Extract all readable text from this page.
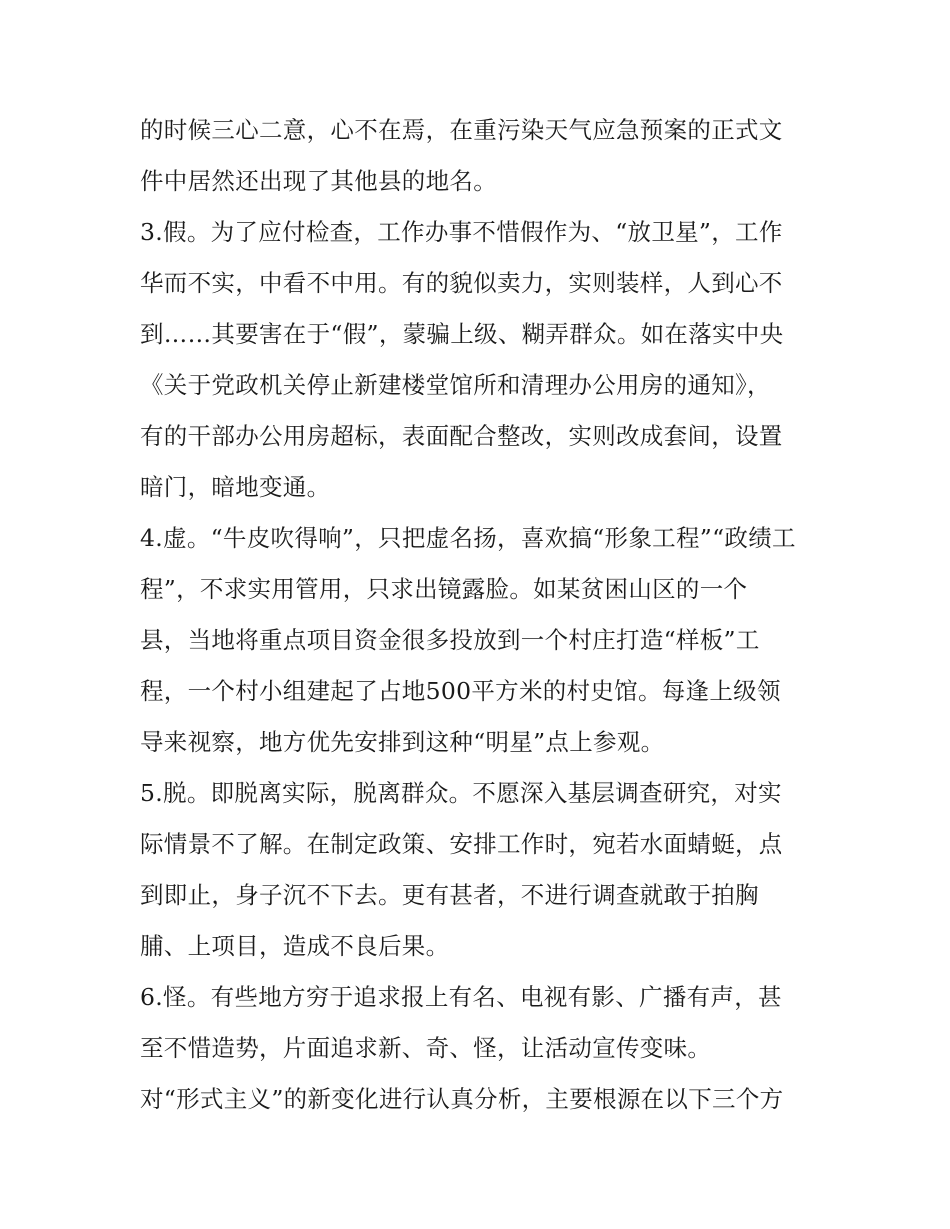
的时候三心二意，心不在焉，在重污染天气应急预案的正式文
件中居然还出现了其他县的地名。
3.假。为了应付检查，工作办事不惜假作为、“放卫星”，工作
华而不实，中看不中用。有的貌似卖力，实则装样，人到心不
到……其要害在于“假”，蒙骗上级、糊弄群众。如在落实中央
《关于党政机关停止新建楼堂馆所和清理办公用房的通知》，
有的干部办公用房超标，表面配合整改，实则改成套间，设置
暗门，暗地变通。
4.虚。“牛皮吹得响”，只把虚名扬，喜欢搞“形象工程”“政绩工
程”，不求实用管用，只求出镜露脸。如某贫困山区的一个
县，当地将重点项目资金很多投放到一个村庄打造“样板”工
程，一个村小组建起了占地500平方米的村史馆。每逢上级领
导来视察，地方优先安排到这种“明星”点上参观。
5.脱。即脱离实际，脱离群众。不愿深入基层调查研究，对实
际情景不了解。在制定政策、安排工作时，宛若水面蜻蜓，点
到即止，身子沉不下去。更有甚者，不进行调查就敢于拍胸
脯、上项目，造成不良后果。
6.怪。有些地方穷于追求报上有名、电视有影、广播有声，甚
至不惜造势，片面追求新、奇、怪，让活动宣传变味。
对“形式主义”的新变化进行认真分析，主要根源在以下三个方
